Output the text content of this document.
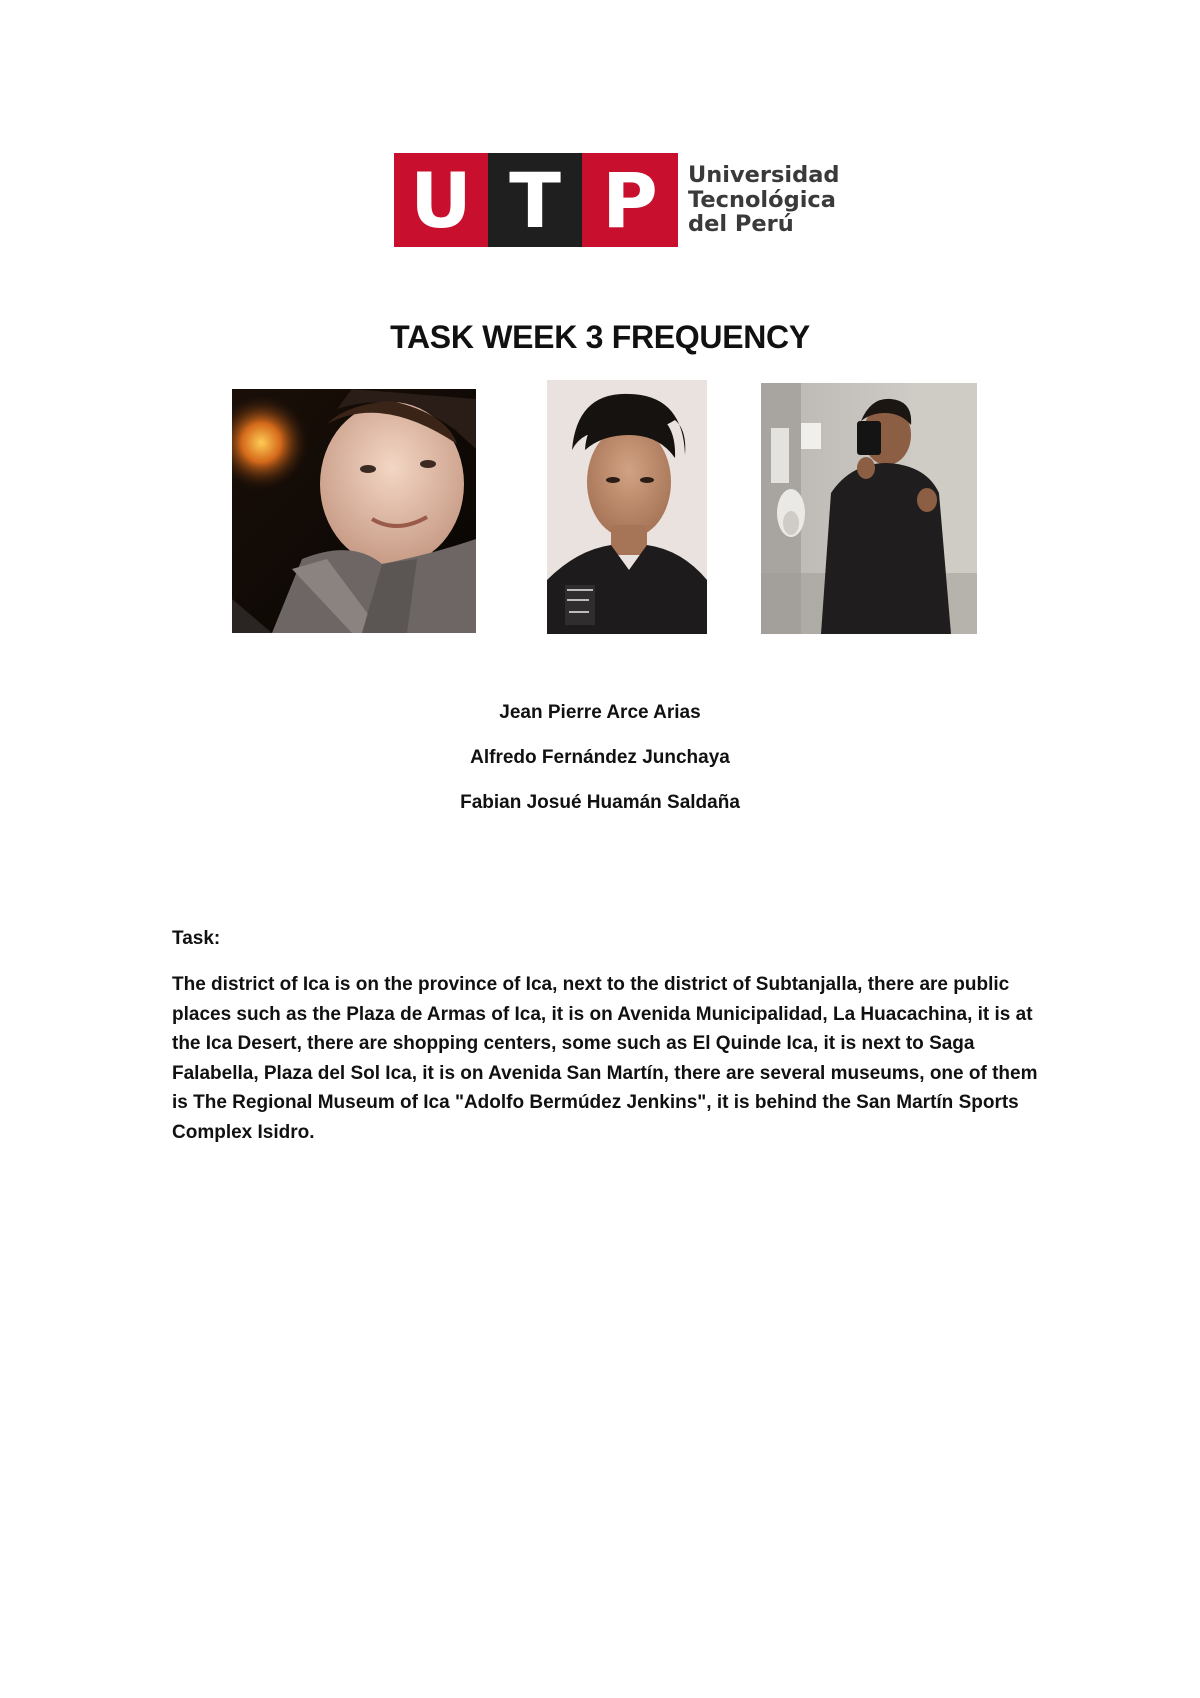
U T P	Universidad
Tecnológica
del Perú
TASK WEEK 3 FREQUENCY
Jean Pierre Arce Arias
Alfredo Fernández Junchaya
Fabian Josué Huamán Saldaña
Task:
The district of Ica is on the province of Ica, next to the district of Subtanjalla, there are public places such as the Plaza de Armas of Ica, it is on Avenida Municipalidad, La Huacachina, it is at the Ica Desert, there are shopping centers, some such as El Quinde Ica, it is next to Saga Falabella, Plaza del Sol Ica, it is on Avenida San Martín, there are several museums, one of them is The Regional Museum of Ica "Adolfo Bermúdez Jenkins", it is behind the San Martín Sports Complex Isidro.
